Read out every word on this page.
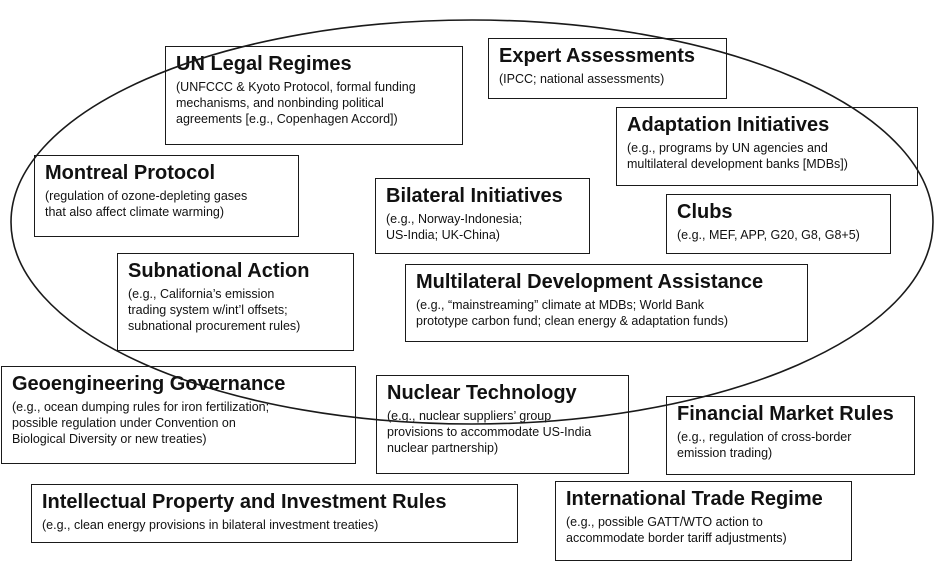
UN Legal Regimes
(UNFCCC & Kyoto Protocol, formal funding
mechanisms, and nonbinding political
agreements [e.g., Copenhagen Accord])
Expert Assessments
(IPCC; national assessments)
Adaptation Initiatives
(e.g., programs by UN agencies and
multilateral development banks [MDBs])
Montreal Protocol
(regulation of ozone-depleting gases
that also affect climate warming)
Bilateral Initiatives
(e.g., Norway-Indonesia;
US-India; UK-China)
Clubs
(e.g., MEF, APP, G20, G8, G8+5)
Subnational Action
(e.g., California’s emission
trading system w/int’l offsets;
subnational procurement rules)
Multilateral Development Assistance
(e.g., “mainstreaming” climate at MDBs; World Bank
prototype carbon fund; clean energy & adaptation funds)
Geoengineering Governance
(e.g., ocean dumping rules for iron fertilization;
possible regulation under Convention on
Biological Diversity or new treaties)
Nuclear Technology
(e.g., nuclear suppliers’ group
provisions to accommodate US-India
nuclear partnership)
Financial Market Rules
(e.g., regulation of cross-border
emission trading)
Intellectual Property and Investment Rules
(e.g., clean energy provisions in bilateral investment treaties)
International Trade Regime
(e.g., possible GATT/WTO action to
accommodate border tariff adjustments)
